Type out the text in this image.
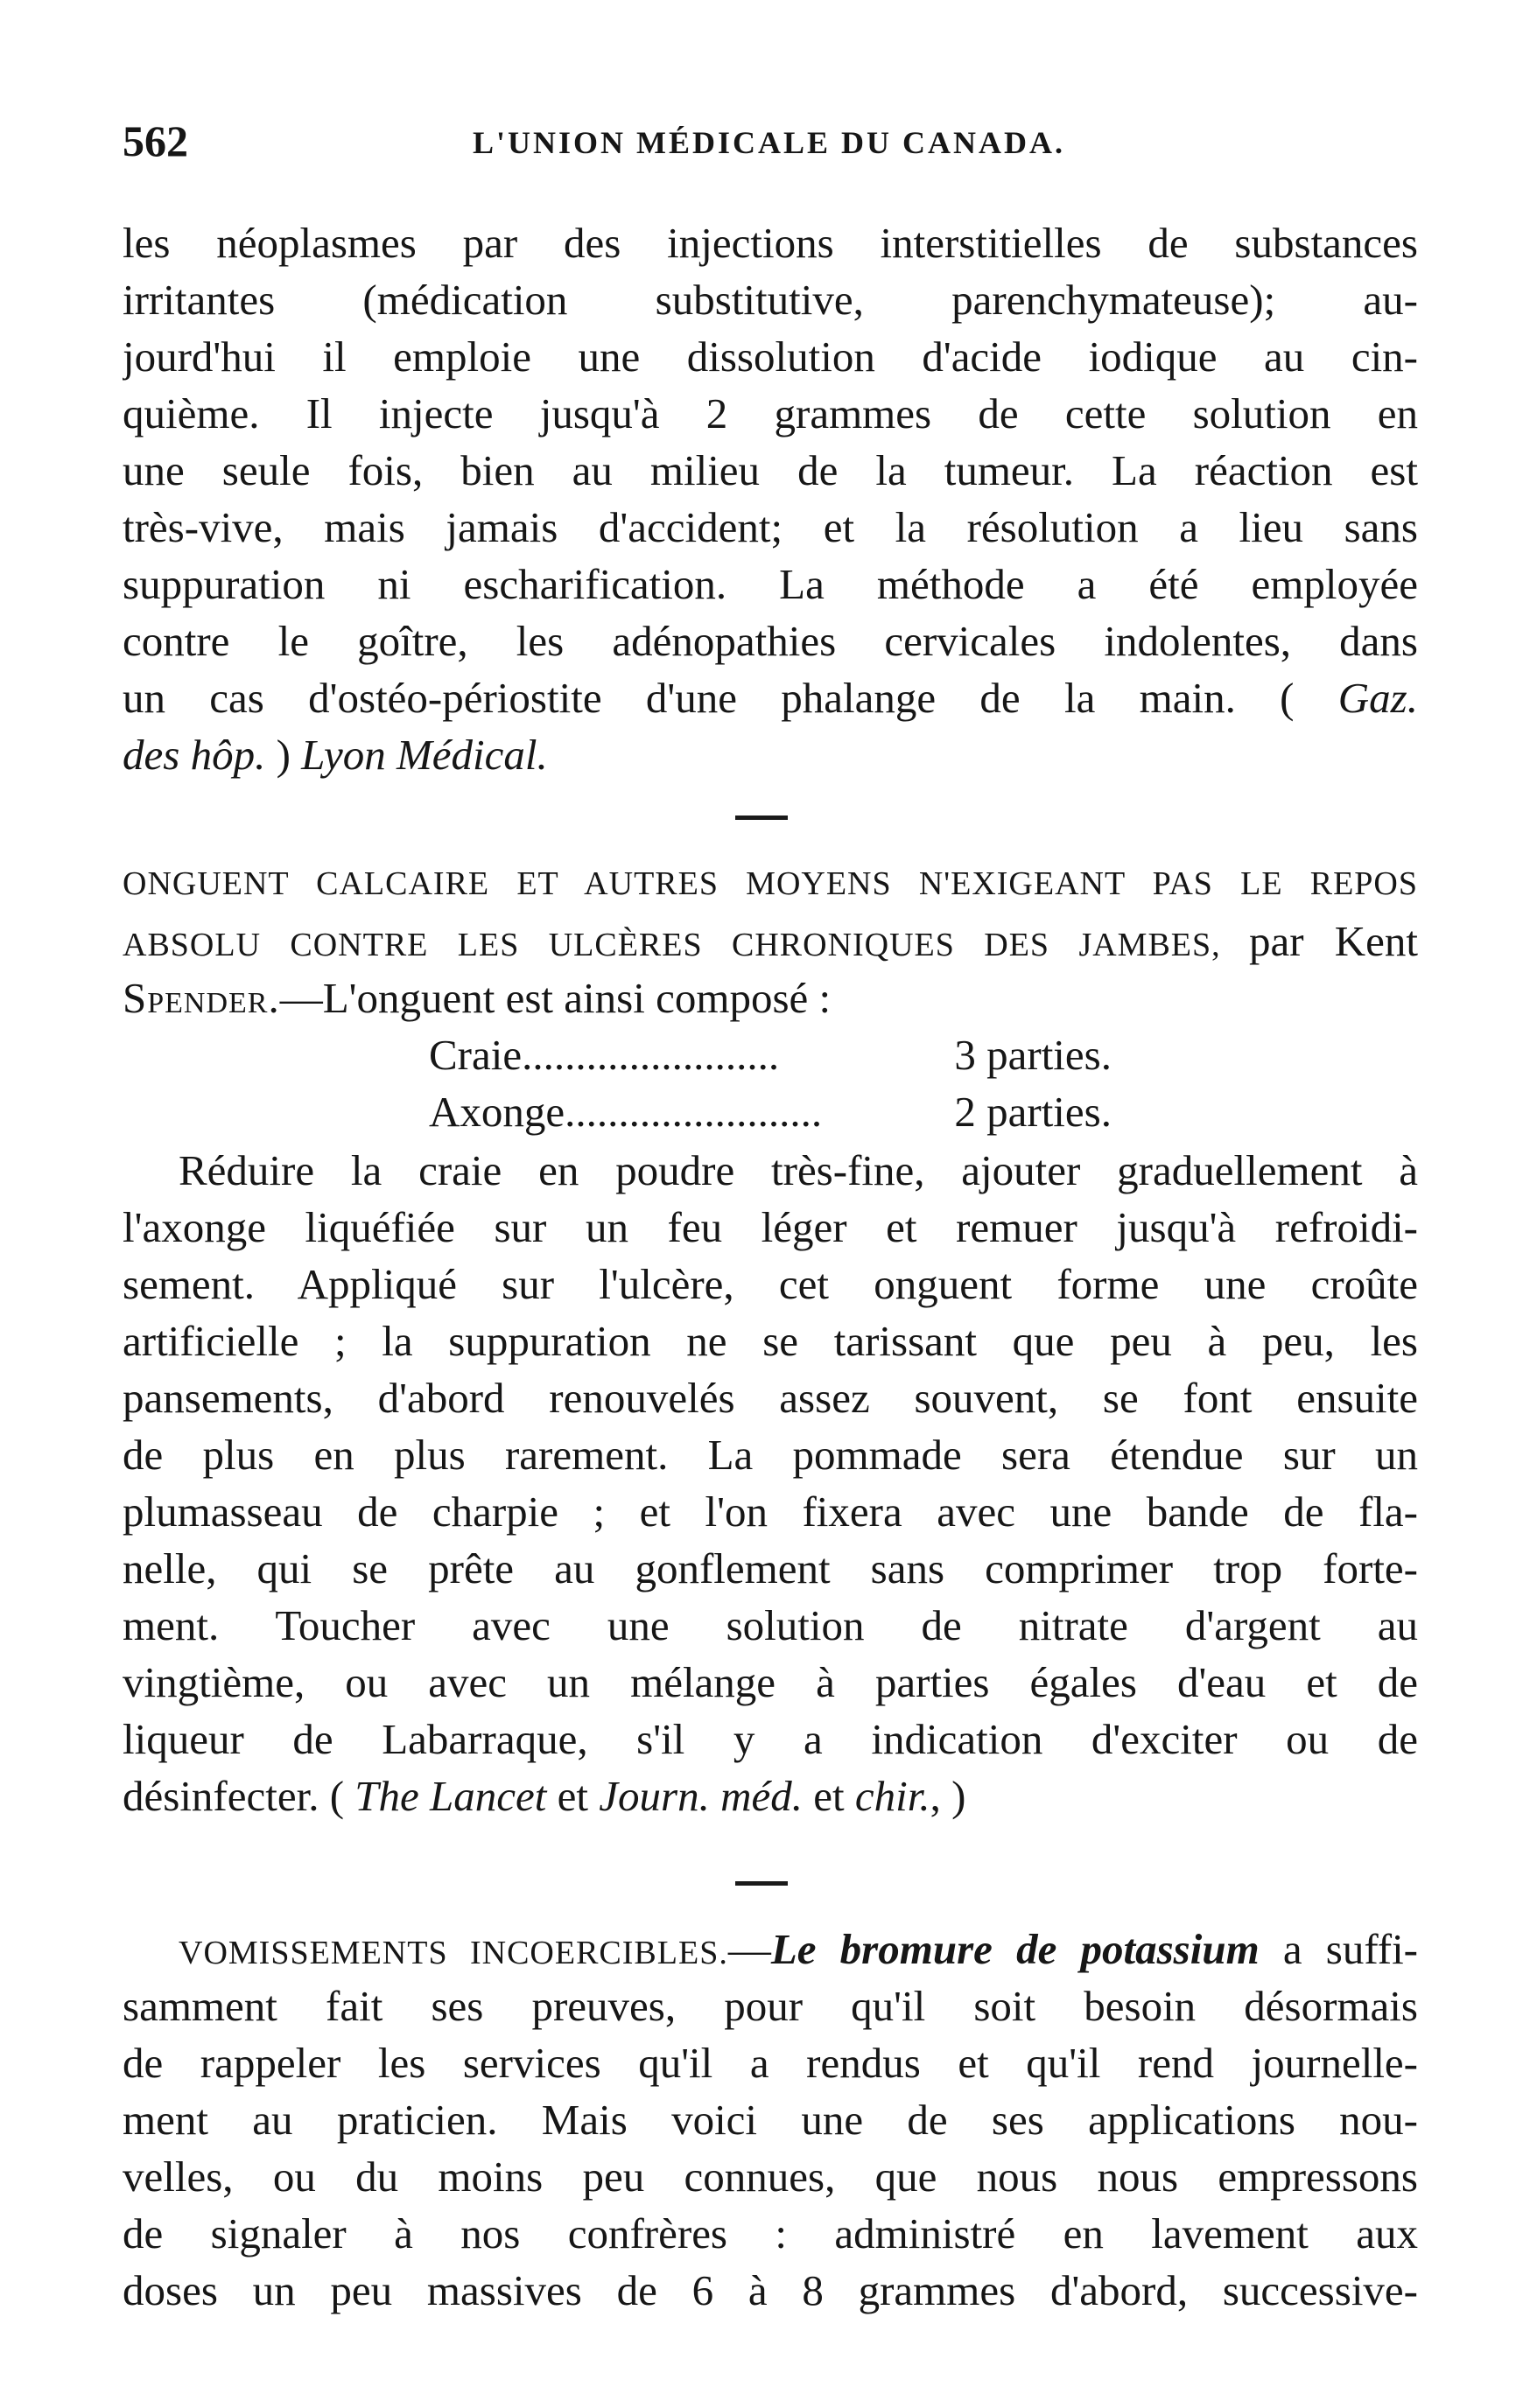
562	L'UNION MÉDICALE DU CANADA.
les néoplasmes par des injections interstitielles de substances
irritantes (médication substitutive, parenchymateuse); au-
jourd'hui il emploie une dissolution d'acide iodique au cin-
quième. Il injecte jusqu'à 2 grammes de cette solution en
une seule fois, bien au milieu de la tumeur. La réaction est
très-vive, mais jamais d'accident; et la résolution a lieu sans
suppuration ni escharification. La méthode a été employée
contre le goître, les adénopathies cervicales indolentes, dans
un cas d'ostéo-périostite d'une phalange de la main. ( Gaz.
des hôp. ) Lyon Médical.
ONGUENT CALCAIRE ET AUTRES MOYENS N'EXIGEANT PAS LE REPOS
ABSOLU CONTRE LES ULCÈRES CHRONIQUES DES JAMBES, par Kent
Spender.—L'onguent est ainsi composé :
Craie........................	3 parties.
Axonge........................	2 parties.
Réduire la craie en poudre très-fine, ajouter graduellement à
l'axonge liquéfiée sur un feu léger et remuer jusqu'à refroidi-
sement. Appliqué sur l'ulcère, cet onguent forme une croûte
artificielle ; la suppuration ne se tarissant que peu à peu, les
pansements, d'abord renouvelés assez souvent, se font ensuite
de plus en plus rarement. La pommade sera étendue sur un
plumasseau de charpie ; et l'on fixera avec une bande de fla-
nelle, qui se prête au gonflement sans comprimer trop forte-
ment. Toucher avec une solution de nitrate d'argent au
vingtième, ou avec un mélange à parties égales d'eau et de
liqueur de Labarraque, s'il y a indication d'exciter ou de
désinfecter. ( The Lancet et Journ. méd. et chir., )
VOMISSEMENTS INCOERCIBLES.—Le bromure de potassium a suffi-
samment fait ses preuves, pour qu'il soit besoin désormais
de rappeler les services qu'il a rendus et qu'il rend journelle-
ment au praticien. Mais voici une de ses applications nou-
velles, ou du moins peu connues, que nous nous empressons
de signaler à nos confrères : administré en lavement aux
doses un peu massives de 6 à 8 grammes d'abord, successive-
